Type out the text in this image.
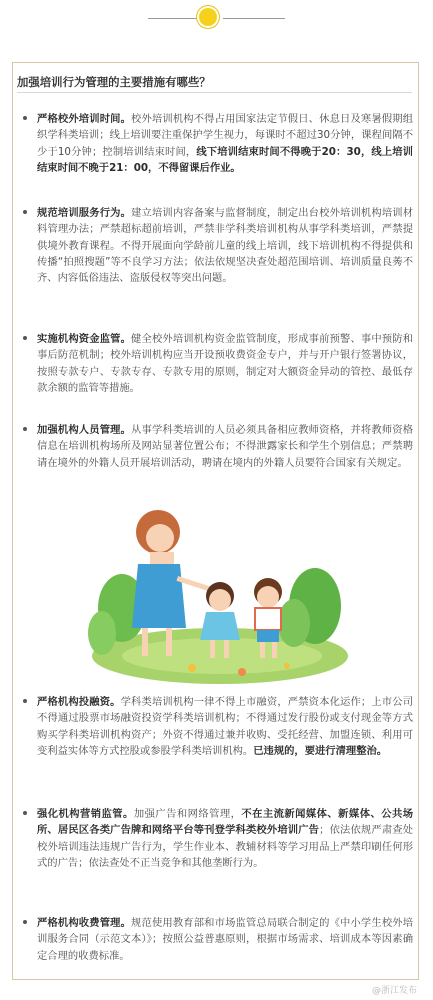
加强培训行为管理的主要措施有哪些？

严格校外培训时间。校外培训机构不得占用国家法定节假日、休息日及寒暑假期组织学科类培训；线上培训要注重保护学生视力，每课时不超过30分钟，课程间隔不少于10分钟；控制培训结束时间，线下培训结束时间不得晚于20：30，线上培训结束时间不晚于21：00，不得留课后作业。

规范培训服务行为。建立培训内容备案与监督制度，制定出台校外培训机构培训材料管理办法；严禁超标超前培训，严禁非学科类培训机构从事学科类培训，严禁提供境外教育课程。不得开展面向学龄前儿童的线上培训，线下培训机构不得提供和传播“拍照搜题”等不良学习方法；依法依规坚决查处超范围培训、培训质量良莠不齐、内容低俗违法、盗版侵权等突出问题。

实施机构资金监管。健全校外培训机构资金监管制度，形成事前预警、事中预防和事后防范机制；校外培训机构应当开设预收费资金专户，并与开户银行签署协议，按照专款专户、专款专存、专款专用的原则，制定对大额资金异动的管控、最低存款余额的监管等措施。

加强机构人员管理。从事学科类培训的人员必须具备相应教师资格，并将教师资格信息在培训机构场所及网站显著位置公布；不得泄露家长和学生个别信息；严禁聘请在境外的外籍人员开展培训活动，聘请在境内的外籍人员要符合国家有关规定。

严格机构投融资。学科类培训机构一律不得上市融资，严禁资本化运作；上市公司不得通过股票市场融资投资学科类培训机构；不得通过发行股份或支付现金等方式购买学科类培训机构资产；外资不得通过兼并收购、受托经营、加盟连锁、利用可变利益实体等方式控股或参股学科类培训机构。已违规的，要进行清理整治。

强化机构营销监管。加强广告和网络管理，不在主流新闻媒体、新媒体、公共场所、居民区各类广告牌和网络平台等刊登学科类校外培训广告；依法依规严肃查处校外培训违法违规广告行为，学生作业本、教辅材料等学习用品上严禁印刷任何形式的广告；依法查处不正当竞争和其他垄断行为。

严格机构收费管理。规范使用教育部和市场监管总局联合制定的《中小学生校外培训服务合同（示范文本）》；按照公益普惠原则，根据市场需求、培训成本等因素确定合理的收费标准。

@浙江发布
